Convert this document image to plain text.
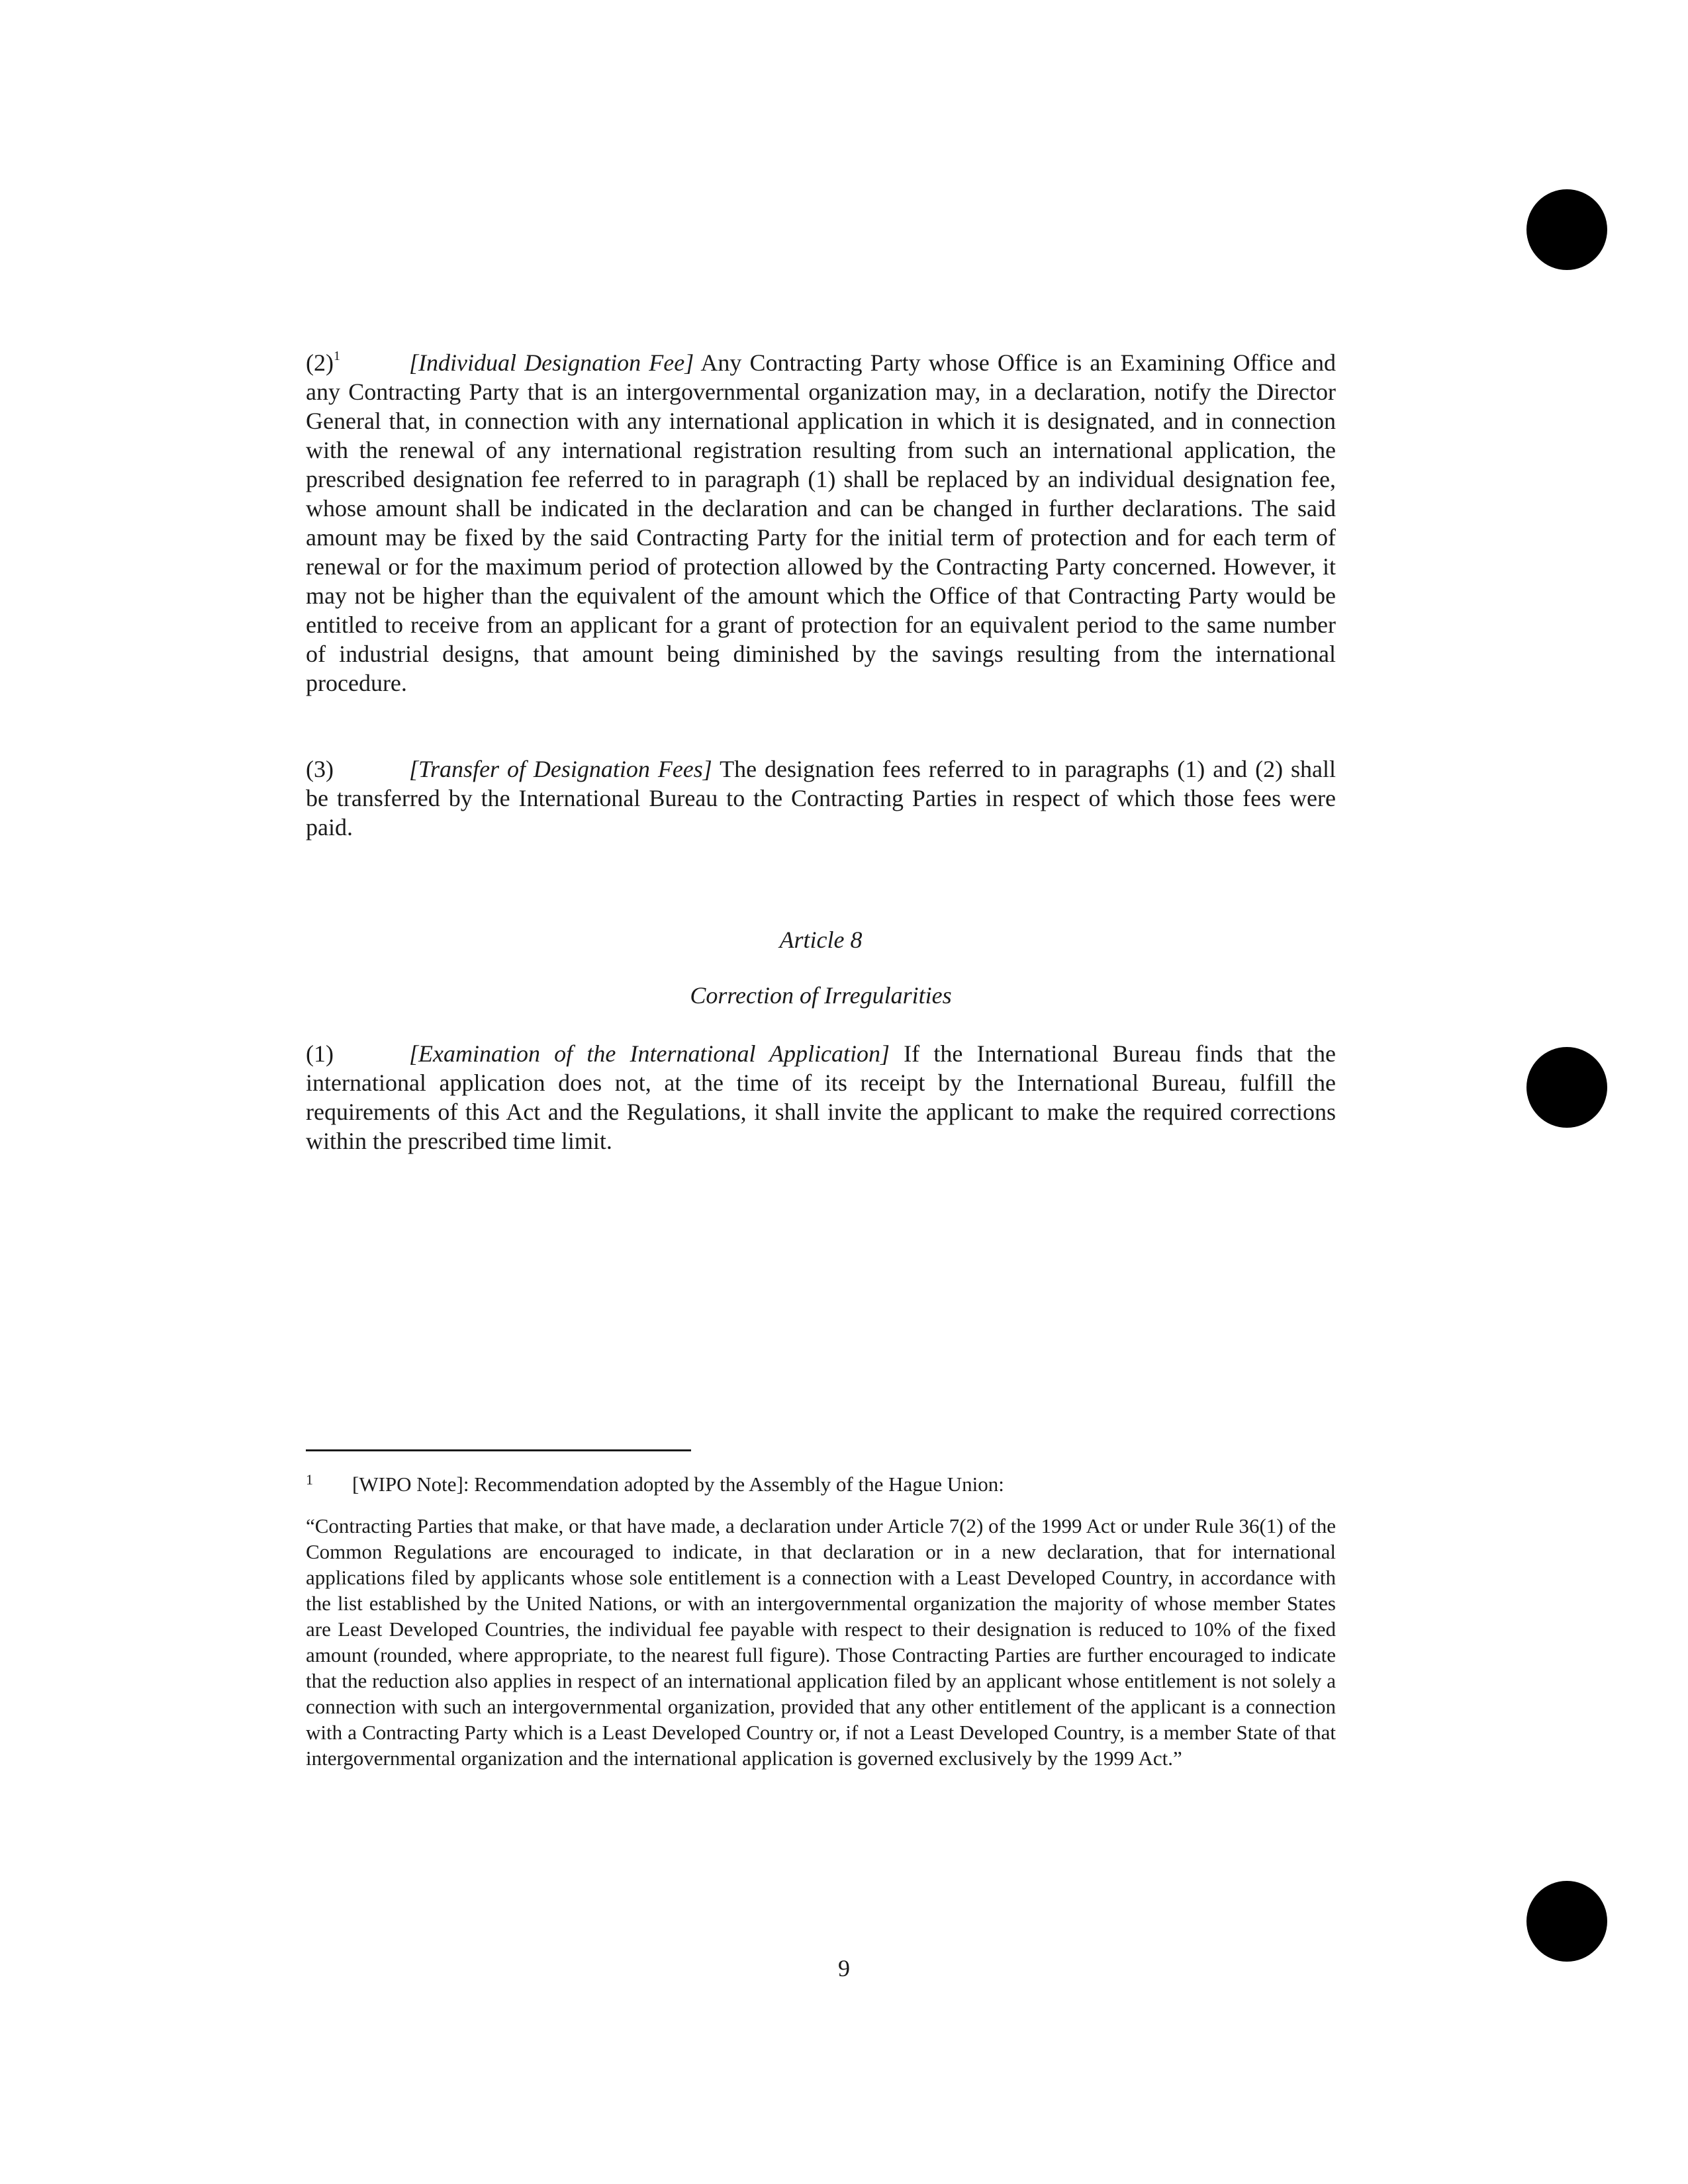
$(2)^1$	[Individual Designation Fee] Any Contracting Party whose Office is an Examining Office and any Contracting Party that is an intergovernmental organization may, in a declaration, notify the Director General that, in connection with any international application in which it is designated, and in connection with the renewal of any international registration resulting from such an international application, the prescribed designation fee referred to in paragraph (1) shall be replaced by an individual designation fee, whose amount shall be indicated in the declaration and can be changed in further declarations. The said amount may be fixed by the said Contracting Party for the initial term of protection and for each term of renewal or for the maximum period of protection allowed by the Contracting Party concerned. However, it may not be higher than the equivalent of the amount which the Office of that Contracting Party would be entitled to receive from an applicant for a grant of protection for an equivalent period to the same number of industrial designs, that amount being diminished by the savings resulting from the international procedure.

(3)	[Transfer of Designation Fees] The designation fees referred to in paragraphs (1) and (2) shall be transferred by the International Bureau to the Contracting Parties in respect of which those fees were paid.

Article 8

Correction of Irregularities

(1)	[Examination of the International Application] If the International Bureau finds that the international application does not, at the time of its receipt by the International Bureau, fulfill the requirements of this Act and the Regulations, it shall invite the applicant to make the required corrections within the prescribed time limit.

1 [WIPO Note]: Recommendation adopted by the Assembly of the Hague Union:

“Contracting Parties that make, or that have made, a declaration under Article 7(2) of the 1999 Act or under Rule 36(1) of the Common Regulations are encouraged to indicate, in that declaration or in a new declaration, that for international applications filed by applicants whose sole entitlement is a connection with a Least Developed Country, in accordance with the list established by the United Nations, or with an intergovernmental organization the majority of whose member States are Least Developed Countries, the individual fee payable with respect to their designation is reduced to 10% of the fixed amount (rounded, where appropriate, to the nearest full figure). Those Contracting Parties are further encouraged to indicate that the reduction also applies in respect of an international application filed by an applicant whose entitlement is not solely a connection with such an intergovernmental organization, provided that any other entitlement of the applicant is a connection with a Contracting Party which is a Least Developed Country or, if not a Least Developed Country, is a member State of that intergovernmental organization and the international application is governed exclusively by the 1999 Act.”

9
